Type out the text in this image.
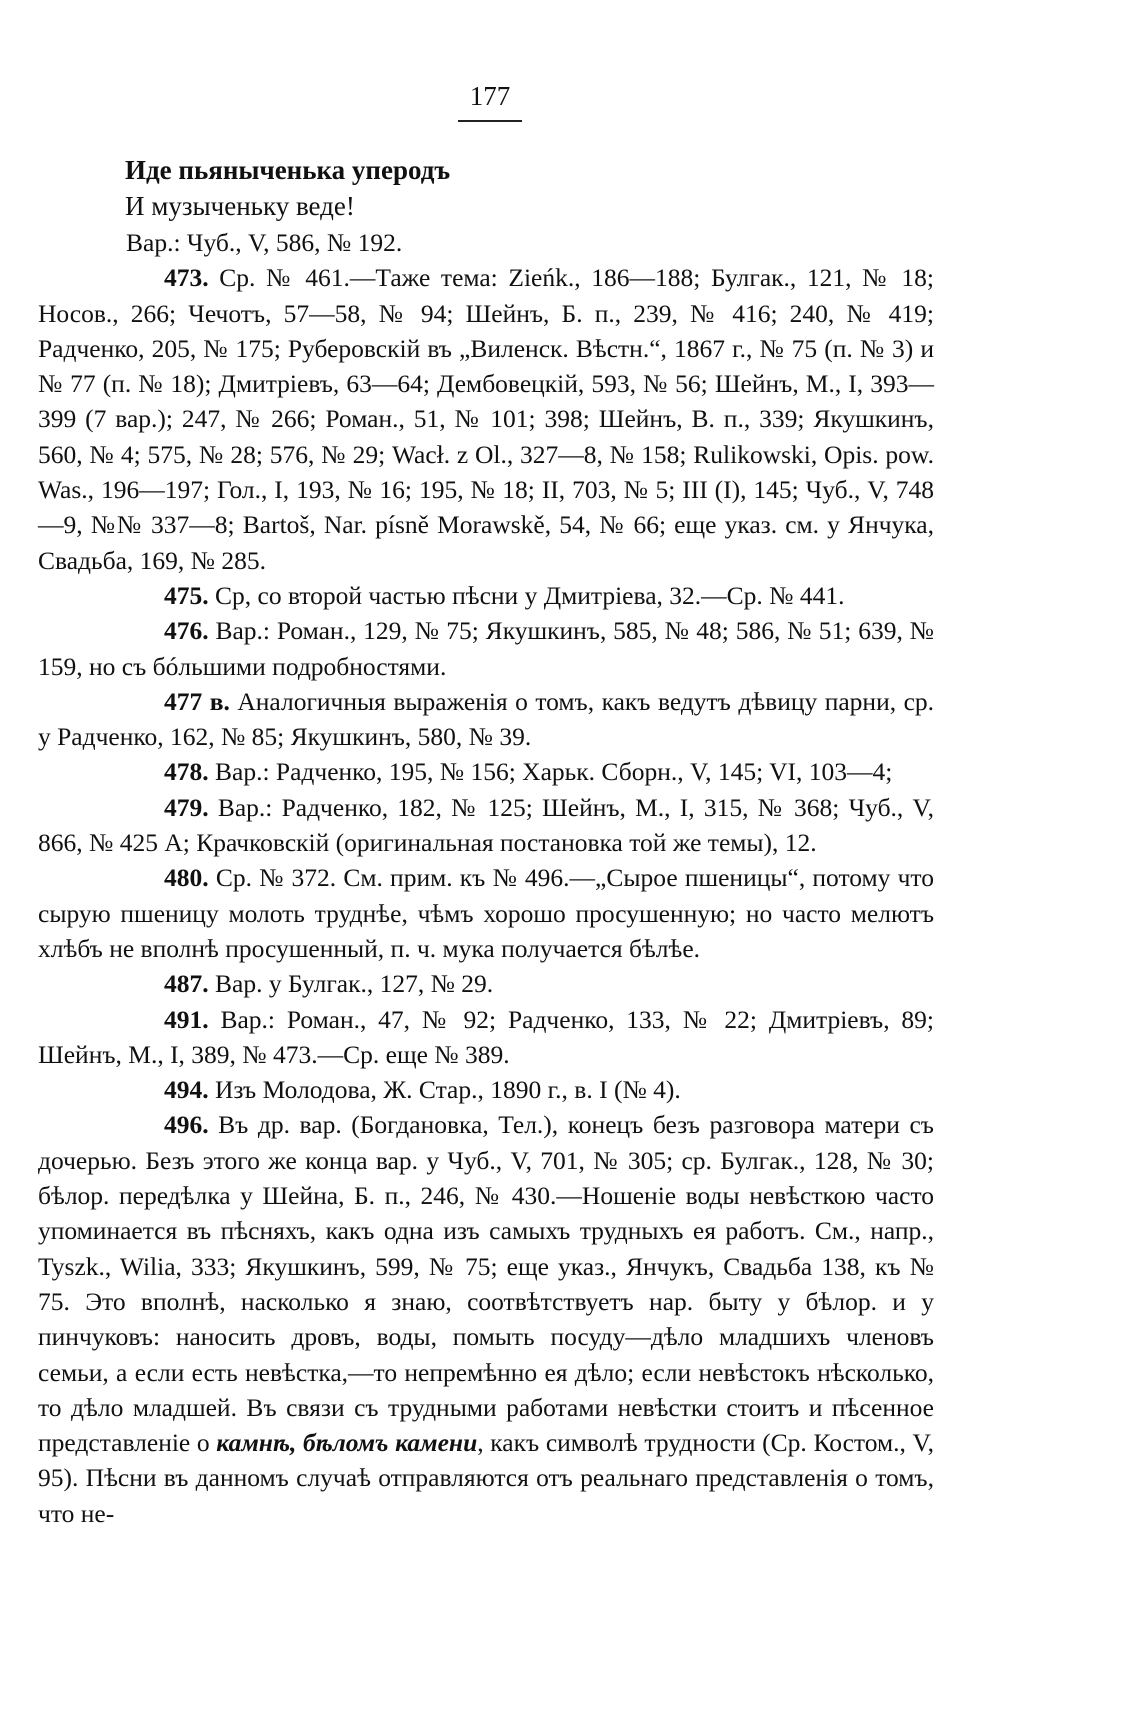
177
Иде пьяныченька уперодъ
И музыченьку веде!

Вар.: Чуб., V, 586, № 192.

473. Ср. № 461.—Таже тема: Zieńk., 186—188; Булгак., 121, № 18; Носов., 266; Чечотъ, 57—58, № 94; Шейнъ, Б. п., 239, № 416; 240, № 419; Радченко, 205, № 175; Руберовскій въ „Виленск. Вѣстн.“, 1867 г., № 75 (п. № 3) и № 77 (п. № 18); Дмитріевъ, 63—64; Дембовецкій, 593, № 56; Шейнъ, М., I, 393—399 (7 вар.); 247, № 266; Роман., 51, № 101; 398; Шейнъ, В. п., 339; Якушкинъ, 560, № 4; 575, № 28; 576, № 29; Wacł. z Ol., 327—8, № 158; Rulikowski, Opis. pow. Was., 196—197; Гол., I, 193, № 16; 195, № 18; II, 703, № 5; III (I), 145; Чуб., V, 748—9, №№ 337—8; Bartoš, Nar. písně Morawskě, 54, № 66; еще указ. см. у Янчука, Свадьба, 169, № 285.

475. Ср, со второй частью пѣсни у Дмитріева, 32.—Ср. № 441.

476. Вар.: Роман., 129, № 75; Якушкинъ, 585, № 48; 586, № 51; 639, № 159, но съ бóльшими подробностями.

477 в. Аналогичныя выраженія о томъ, какъ ведутъ дѣвицу парни, ср. у Радченко, 162, № 85; Якушкинъ, 580, № 39.

478. Вар.: Радченко, 195, № 156; Харьк. Сборн., V, 145; VI, 103—4;

479. Вар.: Радченко, 182, № 125; Шейнъ, М., I, 315, № 368; Чуб., V, 866, № 425 А; Крачковскій (оригинальная постановка той же темы), 12.

480. Ср. № 372. См. прим. къ № 496.—„Сырое пшеницы“, потому что сырую пшеницу молоть труднѣе, чѣмъ хорошо просушенную; но часто мелютъ хлѣбъ не вполнѣ просушенный, п. ч. мука получается бѣлѣе.

487. Вар. у Булгак., 127, № 29.

491. Вар.: Роман., 47, № 92; Радченко, 133, № 22; Дмитріевъ, 89; Шейнъ, М., I, 389, № 473.—Ср. еще № 389.

494. Изъ Молодова, Ж. Стар., 1890 г., в. I (№ 4).

496. Въ др. вар. (Богдановка, Тел.), конецъ безъ разговора матери съ дочерью. Безъ этого же конца вар. у Чуб., V, 701, № 305; ср. Булгак., 128, № 30; бѣлор. передѣлка у Шейна, Б. п., 246, № 430.—Ношеніе воды невѣсткою часто упоминается въ пѣсняхъ, какъ одна изъ самыхъ трудныхъ ея работъ. См., напр., Tyszk., Wilia, 333; Якушкинъ, 599, № 75; еще указ., Янчукъ, Свадьба 138, къ № 75. Это вполнѣ, насколько я знаю, соотвѣтствуетъ нар. быту у бѣлор. и у пинчуковъ: наносить дровъ, воды, помыть посуду—дѣло младшихъ членовъ семьи, а если есть невѣстка,—то непремѣнно ея дѣло; если невѣстокъ нѣсколько, то дѣло младшей. Въ связи съ трудными работами невѣстки стоитъ и пѣсенное представленіе о камнѣ, бѣломъ камени, какъ символѣ трудности (Ср. Костом., V, 95). Пѣсни въ данномъ случаѣ отправляются отъ реальнаго представленія о томъ, что не-
